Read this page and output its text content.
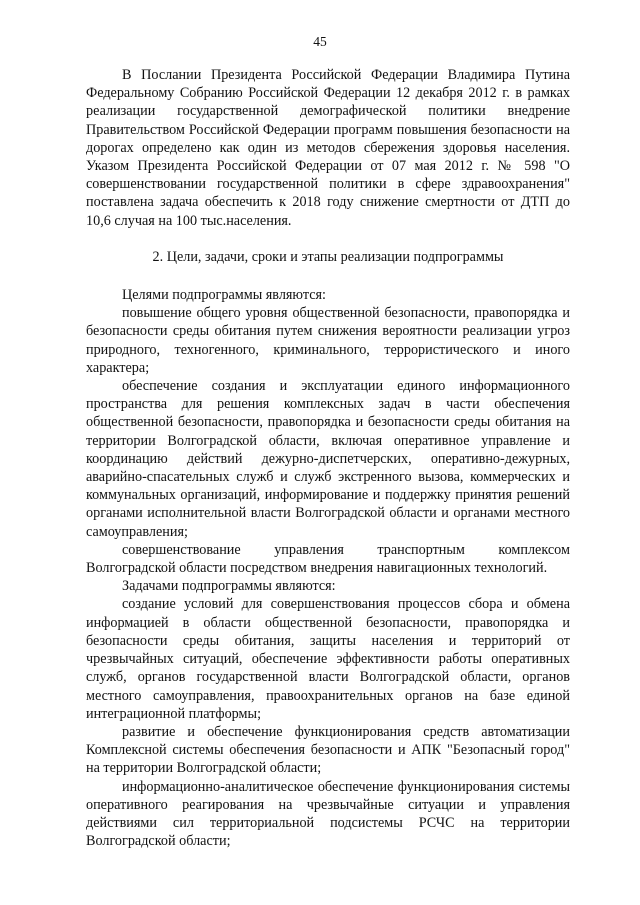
45

В Послании Президента Российской Федерации Владимира Путина Федеральному Собранию Российской Федерации 12 декабря 2012 г. в рамках реализации государственной демографической политики внедрение Правительством Российской Федерации программ повышения безопасности на дорогах определено как один из методов сбережения здоровья населения. Указом Президента Российской Федерации от 07 мая 2012 г. № 598 "О совершенствовании государственной политики в сфере здравоохранения" поставлена задача обеспечить к 2018 году снижение смертности от ДТП до 10,6 случая на 100 тыс.населения.

2. Цели, задачи, сроки и этапы реализации подпрограммы

Целями подпрограммы являются:

повышение общего уровня общественной безопасности, правопорядка и безопасности среды обитания путем снижения вероятности реализации угроз природного, техногенного, криминального, террористического и иного характера;

обеспечение создания и эксплуатации единого информационного пространства для решения комплексных задач в части обеспечения общественной безопасности, правопорядка и безопасности среды обитания на территории Волгоградской области, включая оперативное управление и координацию действий дежурно-диспетчерских, оперативно-дежурных, аварийно-спасательных служб и служб экстренного вызова, коммерческих и коммунальных организаций, информирование и поддержку принятия решений органами исполнительной власти Волгоградской области и органами местного самоуправления;

совершенствование управления транспортным комплексом Волгоградской области посредством внедрения навигационных технологий.

Задачами подпрограммы являются:

создание условий для совершенствования процессов сбора и обмена информацией в области общественной безопасности, правопорядка и безопасности среды обитания, защиты населения и территорий от чрезвычайных ситуаций, обеспечение эффективности работы оперативных служб, органов государственной власти Волгоградской области, органов местного самоуправления, правоохранительных органов на базе единой интеграционной платформы;

развитие и обеспечение функционирования средств автоматизации Комплексной системы обеспечения безопасности и АПК "Безопасный город" на территории Волгоградской области;

информационно-аналитическое обеспечение функционирования системы оперативного реагирования на чрезвычайные ситуации и управления действиями сил территориальной подсистемы РСЧС на территории Волгоградской области;
